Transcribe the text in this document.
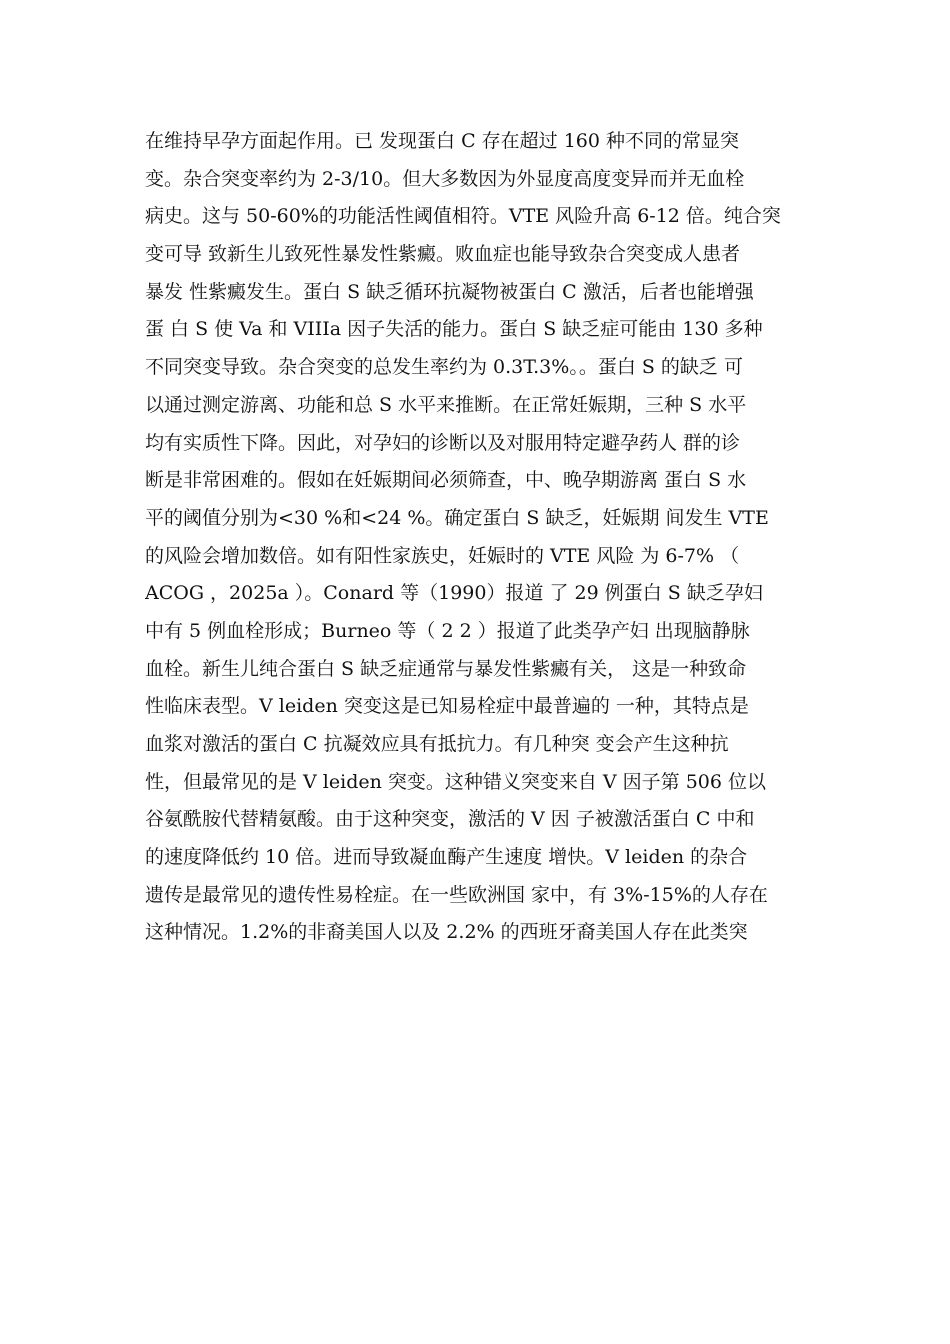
在维持早孕方面起作用。已 发现蛋白 C 存在超过 160 种不同的常显突
变。杂合突变率约为 2-3/10。但大多数因为外显度高度变异而并无血栓
病史。这与 50-60%的功能活性阈值相符。VTE 风险升高 6-12 倍。纯合突
变可导 致新生儿致死性暴发性紫癜。败血症也能导致杂合突变成人患者
暴发 性紫癜发生。蛋白 S 缺乏循环抗凝物被蛋白 C 激活，后者也能增强
蛋 白 S 使 Va 和 VIIIa 因子失活的能力。蛋白 S 缺乏症可能由 130 多种
不同突变导致。杂合突变的总发生率约为 0.3T.3%。。蛋白 S 的缺乏 可
以通过测定游离、功能和总 S 水平来推断。在正常妊娠期，三种 S 水平
均有实质性下降。因此，对孕妇的诊断以及对服用特定避孕药人 群的诊
断是非常困难的。假如在妊娠期间必须筛查，中、晚孕期游离 蛋白 S 水
平的阈值分别为<30 %和<24 %。确定蛋白 S 缺乏，妊娠期 间发生 VTE
的风险会增加数倍。如有阳性家族史，妊娠时的 VTE 风险 为 6-7% （
ACOG ，2025a ）。Conard 等（1990）报道 了 29 例蛋白 S 缺乏孕妇
中有 5 例血栓形成；Burneo 等（ 2 2 ）报道了此类孕产妇 出现脑静脉
血栓。新生儿纯合蛋白 S 缺乏症通常与暴发性紫癜有关， 这是一种致命
性临床表型。V leiden 突变这是已知易栓症中最普遍的 一种，其特点是
血浆对激活的蛋白 C 抗凝效应具有抵抗力。有几种突 变会产生这种抗
性，但最常见的是 V leiden 突变。这种错义突变来自 V 因子第 506 位以
谷氨酰胺代替精氨酸。由于这种突变，激活的 V 因 子被激活蛋白 C 中和
的速度降低约 10 倍。进而导致凝血酶产生速度 增快。V leiden 的杂合
遗传是最常见的遗传性易栓症。在一些欧洲国 家中，有 3%-15%的人存在
这种情况。1.2%的非裔美国人以及 2.2% 的西班牙裔美国人存在此类突
